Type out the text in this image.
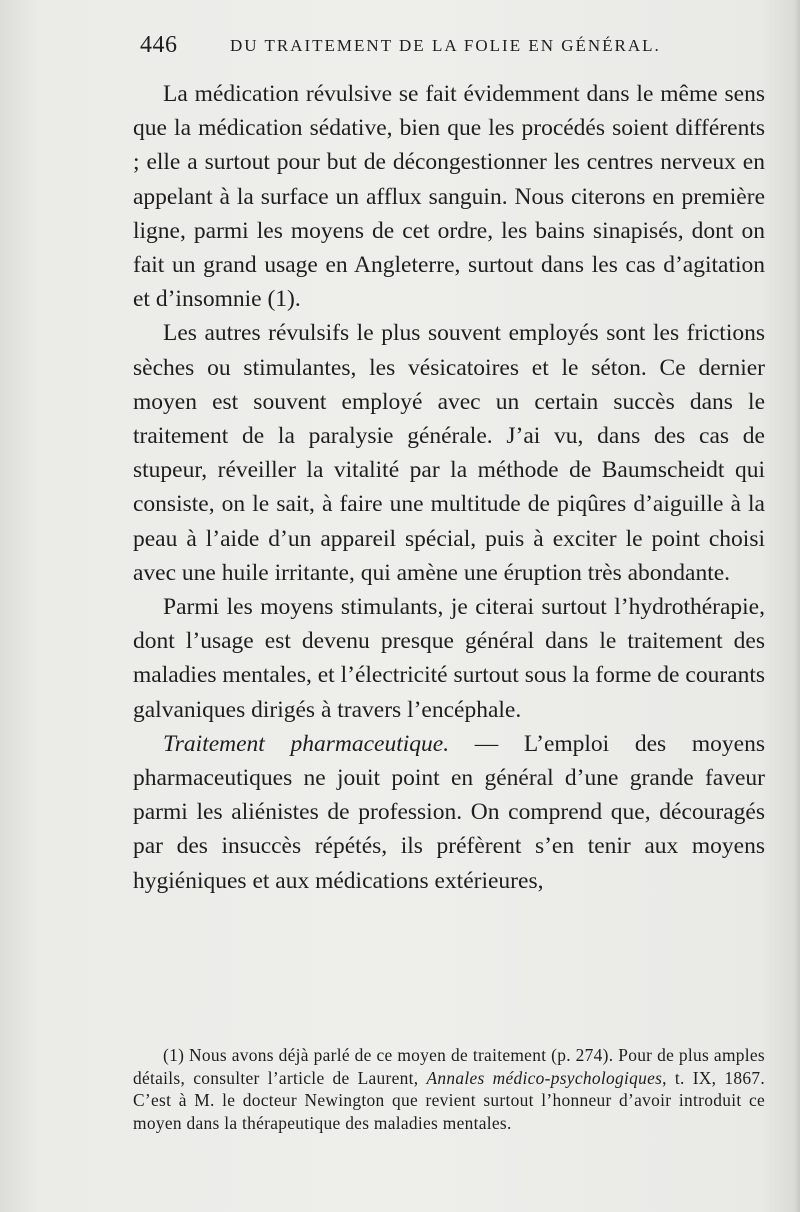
446	DU TRAITEMENT DE LA FOLIE EN GÉNÉRAL.

La médication révulsive se fait évidemment dans le même sens que la médication sédative, bien que les procédés soient différents ; elle a surtout pour but de décongestionner les centres nerveux en appelant à la surface un afflux sanguin. Nous citerons en première ligne, parmi les moyens de cet ordre, les bains sinapisés, dont on fait un grand usage en Angleterre, surtout dans les cas d’agitation et d’insomnie (1).

Les autres révulsifs le plus souvent employés sont les frictions sèches ou stimulantes, les vésicatoires et le séton. Ce dernier moyen est souvent employé avec un certain succès dans le traitement de la paralysie générale. J’ai vu, dans des cas de stupeur, réveiller la vitalité par la méthode de Baumscheidt qui consiste, on le sait, à faire une multitude de piqûres d’aiguille à la peau à l’aide d’un appareil spécial, puis à exciter le point choisi avec une huile irritante, qui amène une éruption très abondante.

Parmi les moyens stimulants, je citerai surtout l’hydrothérapie, dont l’usage est devenu presque général dans le traitement des maladies mentales, et l’électricité surtout sous la forme de courants galvaniques dirigés à travers l’encéphale.

Traitement pharmaceutique. — L’emploi des moyens pharmaceutiques ne jouit point en général d’une grande faveur parmi les aliénistes de profession. On comprend que, découragés par des insuccès répétés, ils préfèrent s’en tenir aux moyens hygiéniques et aux médications extérieures,

(1) Nous avons déjà parlé de ce moyen de traitement (p. 274). Pour de plus amples détails, consulter l’article de Laurent, Annales médico-psychologiques, t. IX, 1867. C’est à M. le docteur Newington que revient surtout l’honneur d’avoir introduit ce moyen dans la thérapeutique des maladies mentales.
